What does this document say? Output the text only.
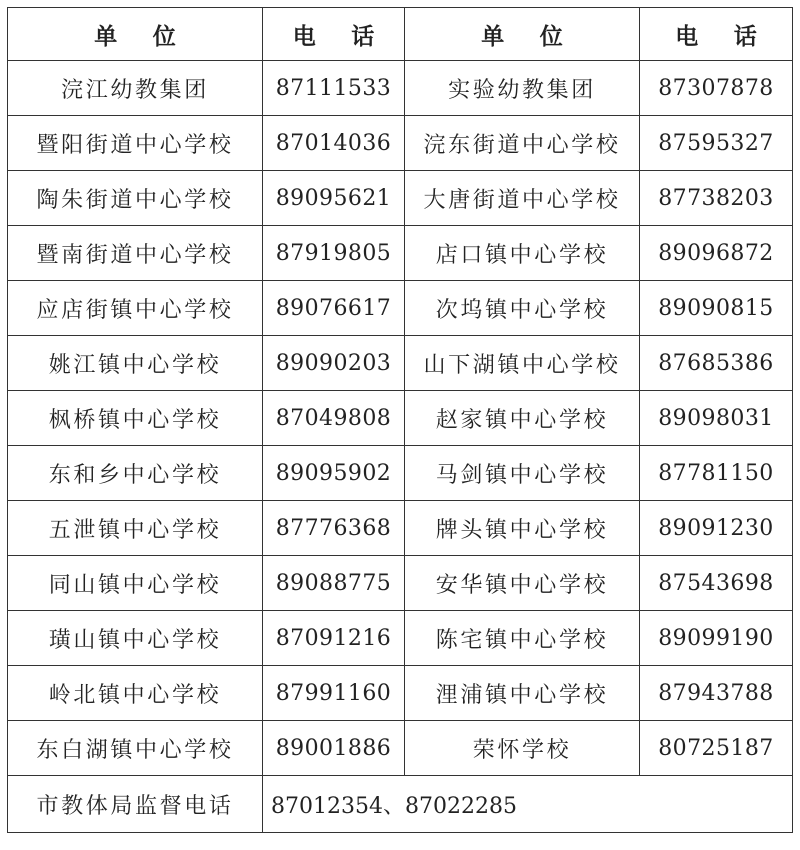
单 位	电 话	单 位	电 话
浣江幼教集团	87111533	实验幼教集团	87307878
暨阳街道中心学校	87014036	浣东街道中心学校	87595327
陶朱街道中心学校	89095621	大唐街道中心学校	87738203
暨南街道中心学校	87919805	店口镇中心学校	89096872
应店街镇中心学校	89076617	次坞镇中心学校	89090815
姚江镇中心学校	89090203	山下湖镇中心学校	87685386
枫桥镇中心学校	87049808	赵家镇中心学校	89098031
东和乡中心学校	89095902	马剑镇中心学校	87781150
五泄镇中心学校	87776368	牌头镇中心学校	89091230
同山镇中心学校	89088775	安华镇中心学校	87543698
璜山镇中心学校	87091216	陈宅镇中心学校	89099190
岭北镇中心学校	87991160	浬浦镇中心学校	87943788
东白湖镇中心学校	89001886	荣怀学校	80725187
市教体局监督电话	87012354、87022285		
